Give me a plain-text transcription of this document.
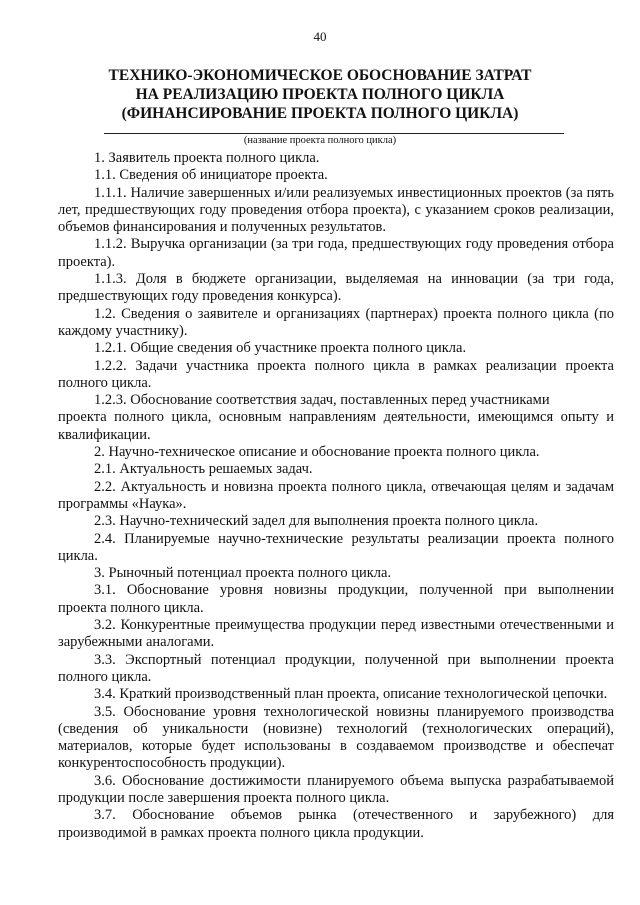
40
ТЕХНИКО-ЭКОНОМИЧЕСКОЕ ОБОСНОВАНИЕ ЗАТРАТ
НА РЕАЛИЗАЦИЮ ПРОЕКТА ПОЛНОГО ЦИКЛА
(ФИНАНСИРОВАНИЕ ПРОЕКТА ПОЛНОГО ЦИКЛА)
(название проекта полного цикла)

1. Заявитель проекта полного цикла.

1.1. Сведения об инициаторе проекта.

1.1.1. Наличие завершенных и/или реализуемых инвестиционных проектов (за пять лет, предшествующих году проведения отбора проекта), с указанием сроков реализации, объемов финансирования и полученных результатов.

1.1.2. Выручка организации (за три года, предшествующих году проведения отбора проекта).

1.1.3. Доля в бюджете организации, выделяемая на инновации (за три года, предшествующих году проведения конкурса).

1.2. Сведения о заявителе и организациях (партнерах) проекта полного цикла (по каждому участнику).

1.2.1. Общие сведения об участнике проекта полного цикла.

1.2.2. Задачи участника проекта полного цикла в рамках реализации проекта полного цикла.

1.2.3. Обоснование соответствия задач, поставленных перед участниками

проекта полного цикла, основным направлениям деятельности, имеющимся опыту и квалификации.

2. Научно-техническое описание и обоснование проекта полного цикла.

2.1. Актуальность решаемых задач.

2.2. Актуальность и новизна проекта полного цикла, отвечающая целям и задачам программы «Наука».

2.3. Научно-технический задел для выполнения проекта полного цикла.

2.4. Планируемые научно-технические результаты реализации проекта полного цикла.

3. Рыночный потенциал проекта полного цикла.

3.1. Обоснование уровня новизны продукции, полученной при выполнении проекта полного цикла.

3.2. Конкурентные преимущества продукции перед известными отечественными и зарубежными аналогами.

3.3. Экспортный потенциал продукции, полученной при выполнении проекта полного цикла.

3.4. Краткий производственный план проекта, описание технологической цепочки.

3.5. Обоснование уровня технологической новизны планируемого производства (сведения об уникальности (новизне) технологий (технологических операций), материалов, которые будет использованы в создаваемом производстве и обеспечат конкурентоспособность продукции).

3.6. Обоснование достижимости планируемого объема выпуска разрабатываемой продукции после завершения проекта полного цикла.

3.7. Обоснование объемов рынка (отечественного и зарубежного) для производимой в рамках проекта полного цикла продукции.
